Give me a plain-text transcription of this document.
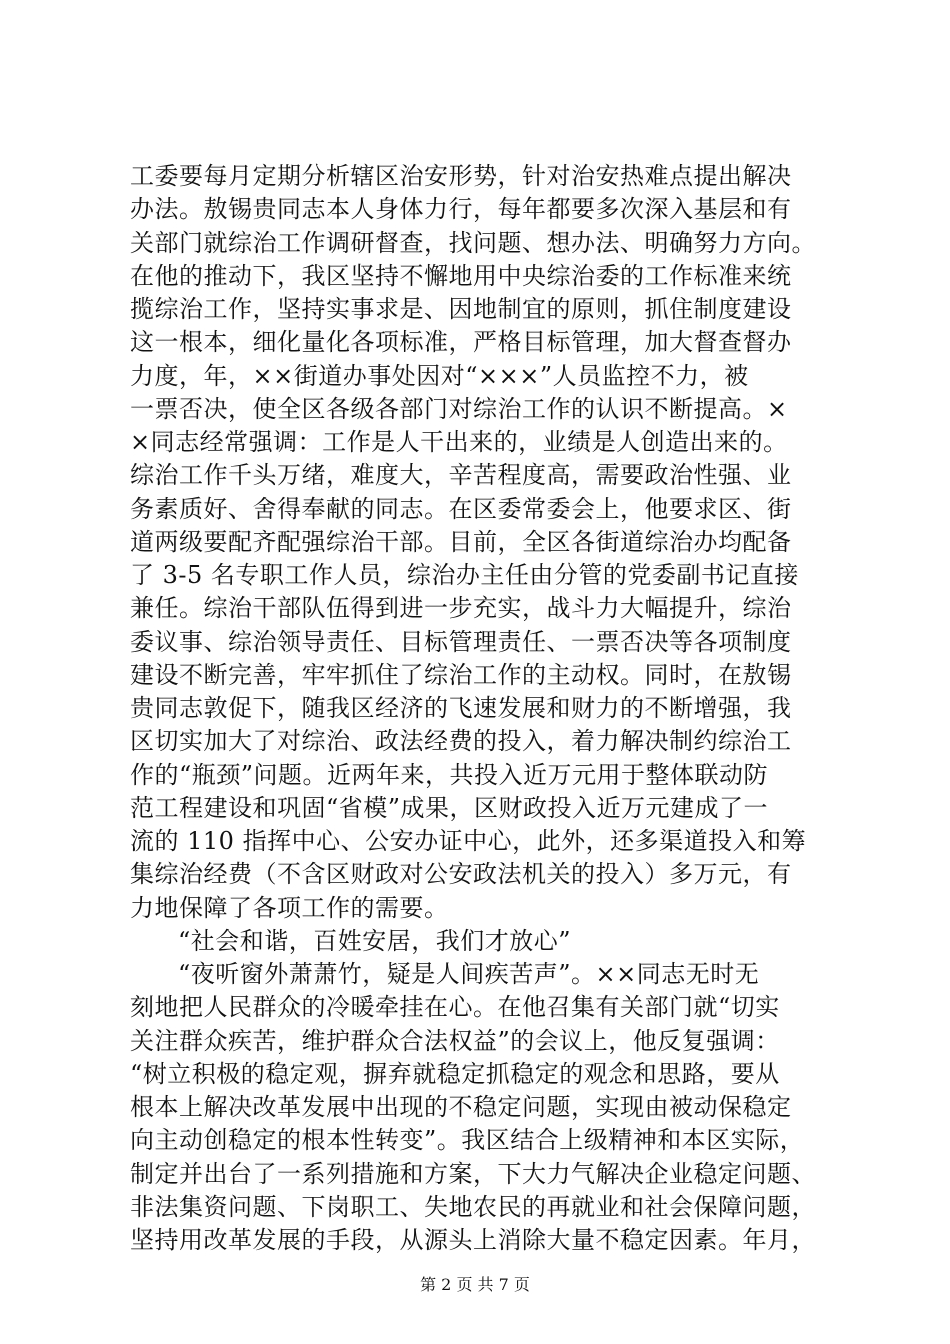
工委要每月定期分析辖区治安形势，针对治安热难点提出解决
办法。敖锡贵同志本人身体力行，每年都要多次深入基层和有
关部门就综治工作调研督查，找问题、想办法、明确努力方向。
在他的推动下，我区坚持不懈地用中央综治委的工作标准来统
揽综治工作，坚持实事求是、因地制宜的原则，抓住制度建设
这一根本，细化量化各项标准，严格目标管理，加大督查督办
力度，年，××街道办事处因对“×××”人员监控不力，被
一票否决，使全区各级各部门对综治工作的认识不断提高。×
×同志经常强调：工作是人干出来的，业绩是人创造出来的。
综治工作千头万绪，难度大，辛苦程度高，需要政治性强、业
务素质好、舍得奉献的同志。在区委常委会上，他要求区、街
道两级要配齐配强综治干部。目前，全区各街道综治办均配备
了 3-5 名专职工作人员，综治办主任由分管的党委副书记直接
兼任。综治干部队伍得到进一步充实，战斗力大幅提升，综治
委议事、综治领导责任、目标管理责任、一票否决等各项制度
建设不断完善，牢牢抓住了综治工作的主动权。同时，在敖锡
贵同志敦促下，随我区经济的飞速发展和财力的不断增强，我
区切实加大了对综治、政法经费的投入，着力解决制约综治工
作的“瓶颈”问题。近两年来，共投入近万元用于整体联动防
范工程建设和巩固“省模”成果，区财政投入近万元建成了一
流的 110 指挥中心、公安办证中心，此外，还多渠道投入和筹
集综治经费（不含区财政对公安政法机关的投入）多万元，有
力地保障了各项工作的需要。
“社会和谐，百姓安居，我们才放心”
“夜听窗外萧萧竹，疑是人间疾苦声”。××同志无时无
刻地把人民群众的冷暖牵挂在心。在他召集有关部门就“切实
关注群众疾苦，维护群众合法权益”的会议上，他反复强调：
“树立积极的稳定观，摒弃就稳定抓稳定的观念和思路，要从
根本上解决改革发展中出现的不稳定问题，实现由被动保稳定
向主动创稳定的根本性转变”。我区结合上级精神和本区实际，
制定并出台了一系列措施和方案，下大力气解决企业稳定问题、
非法集资问题、下岗职工、失地农民的再就业和社会保障问题，
坚持用改革发展的手段，从源头上消除大量不稳定因素。年月，
第 2 页 共 7 页
